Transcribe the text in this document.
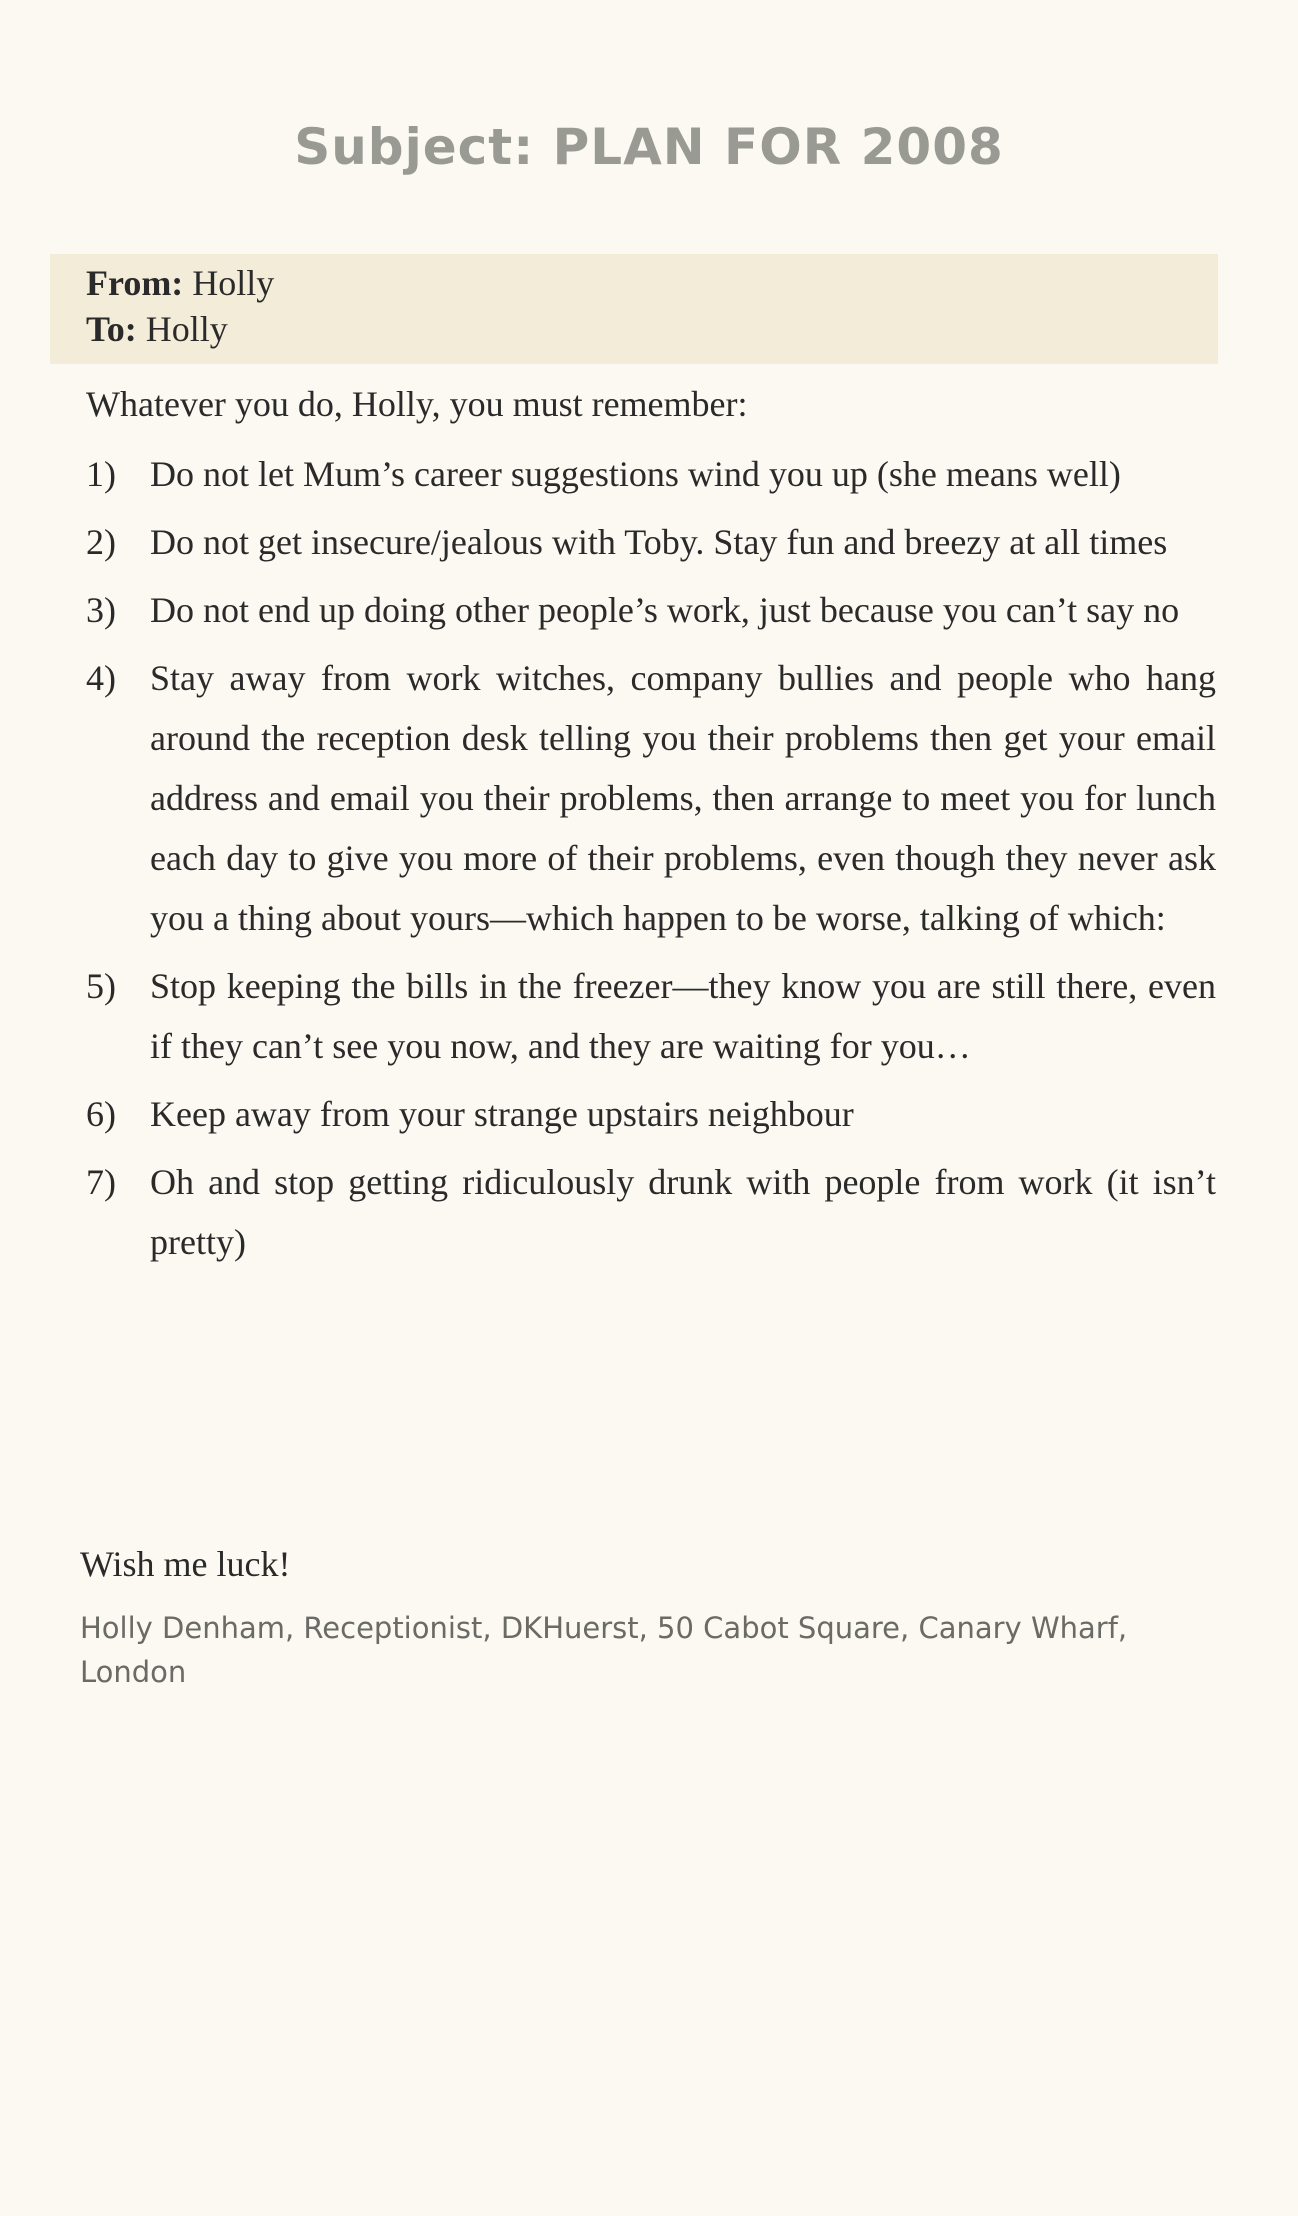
Subject: PLAN FOR 2008

From: Holly

To: Holly

Whatever you do, Holly, you must remember:

1) Do not let Mum’s career suggestions wind you up (she means well)
2) Do not get insecure/jealous with Toby. Stay fun and breezy at all times
3) Do not end up doing other people’s work, just because you can’t say no
4) Stay away from work witches, company bullies and people who hang around the reception desk telling you their problems then get your email address and email you their problems, then arrange to meet you for lunch each day to give you more of their problems, even though they never ask you a thing about yours—which happen to be worse, talking of which:
5) Stop keeping the bills in the freezer—they know you are still there, even if they can’t see you now, and they are waiting for you…
6) Keep away from your strange upstairs neighbour
7) Oh and stop getting ridiculously drunk with people from work (it isn’t pretty)

Wish me luck!

Holly Denham, Receptionist, DKHuerst, 50 Cabot Square, Canary Wharf, London
